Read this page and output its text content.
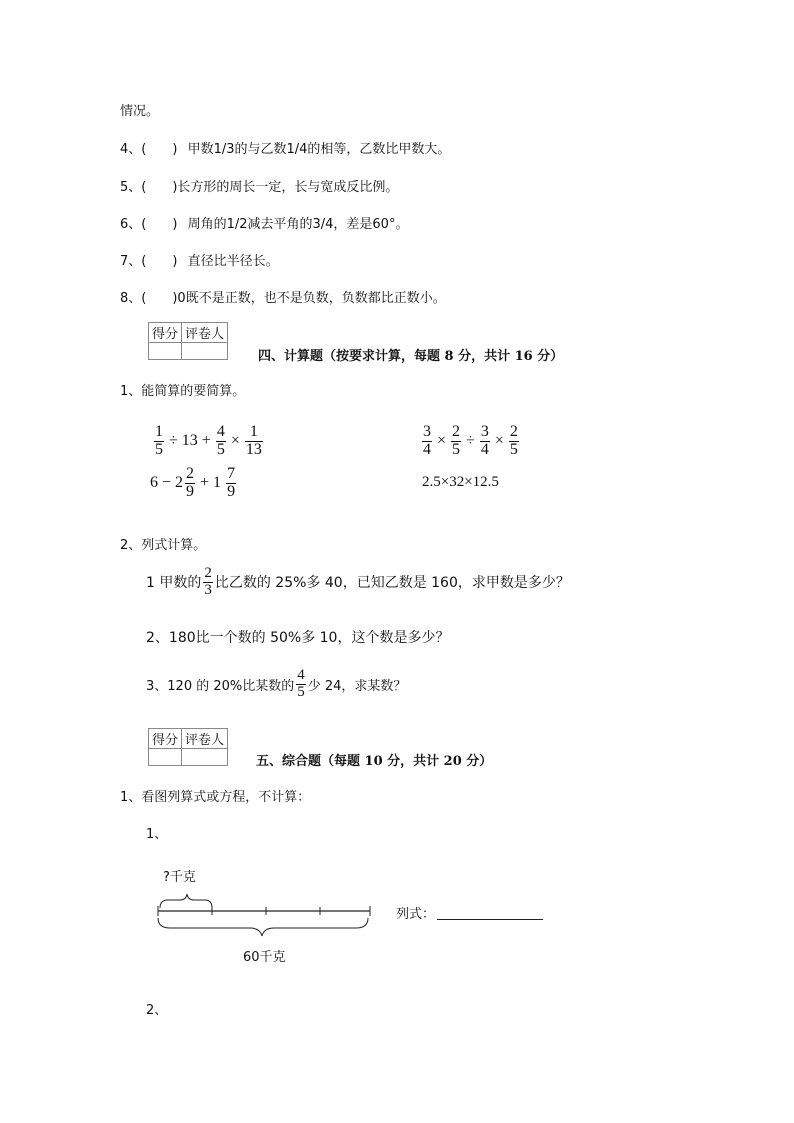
情况。
4、( ) 甲数1/3的与乙数1/4的相等，乙数比甲数大。
5、( )长方形的周长一定，长与宽成反比例。
6、( ) 周角的1/2减去平角的3/4，差是60°。
7、( ) 直径比半径长。
8、( )0既不是正数，也不是负数，负数都比正数小。
得分	评卷人

四、计算题（按要求计算，每题 8 分，共计 16 分）
1、能简算的要简算。
$\frac{1}{5} \div 13 + \frac{4}{5} \times \frac{1}{13}$	$\frac{3}{4} \times \frac{2}{5} \div \frac{3}{4} \times \frac{2}{5}$
$6 - 2 \frac{2}{9} + 1 \frac{7}{9}$	2.5×32×12.5
2、列式计算。
1 甲数的 $\frac{2}{3}$ 比乙数的 25%多 40，已知乙数是 160，求甲数是多少？
2、180比一个数的 50%多 10，这个数是多少？
3、120 的 20%比某数的 $\frac{4}{5}$ 少 24，求某数？
得分	评卷人

五、综合题（每题 10 分，共计 20 分）
1、看图列算式或方程，不计算：
1、
?千克
60千克
列式：
2、
